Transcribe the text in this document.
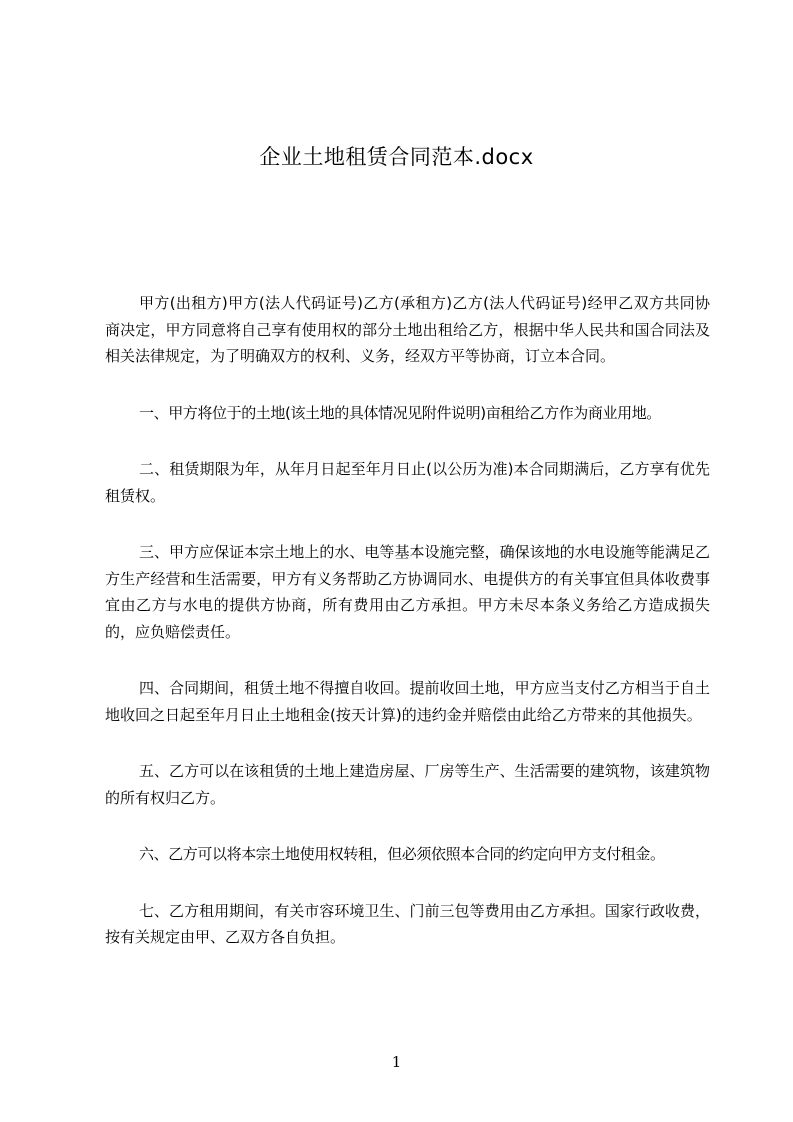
企业土地租赁合同范本.docx

甲方(出租方)甲方(法人代码证号)乙方(承租方)乙方(法人代码证号)经甲乙双方共同协商决定，甲方同意将自己享有使用权的部分土地出租给乙方，根据中华人民共和国合同法及相关法律规定，为了明确双方的权利、义务，经双方平等协商，订立本合同。

一、甲方将位于的土地(该土地的具体情况见附件说明)亩租给乙方作为商业用地。

二、租赁期限为年，从年月日起至年月日止(以公历为准)本合同期满后，乙方享有优先租赁权。

三、甲方应保证本宗土地上的水、电等基本设施完整，确保该地的水电设施等能满足乙方生产经营和生活需要，甲方有义务帮助乙方协调同水、电提供方的有关事宜但具体收费事宜由乙方与水电的提供方协商，所有费用由乙方承担。甲方未尽本条义务给乙方造成损失的，应负赔偿责任。

四、合同期间，租赁土地不得擅自收回。提前收回土地，甲方应当支付乙方相当于自土地收回之日起至年月日止土地租金(按天计算)的违约金并赔偿由此给乙方带来的其他损失。

五、乙方可以在该租赁的土地上建造房屋、厂房等生产、生活需要的建筑物，该建筑物的所有权归乙方。

六、乙方可以将本宗土地使用权转租，但必须依照本合同的约定向甲方支付租金。

七、乙方租用期间，有关市容环境卫生、门前三包等费用由乙方承担。国家行政收费，按有关规定由甲、乙双方各自负担。

1
